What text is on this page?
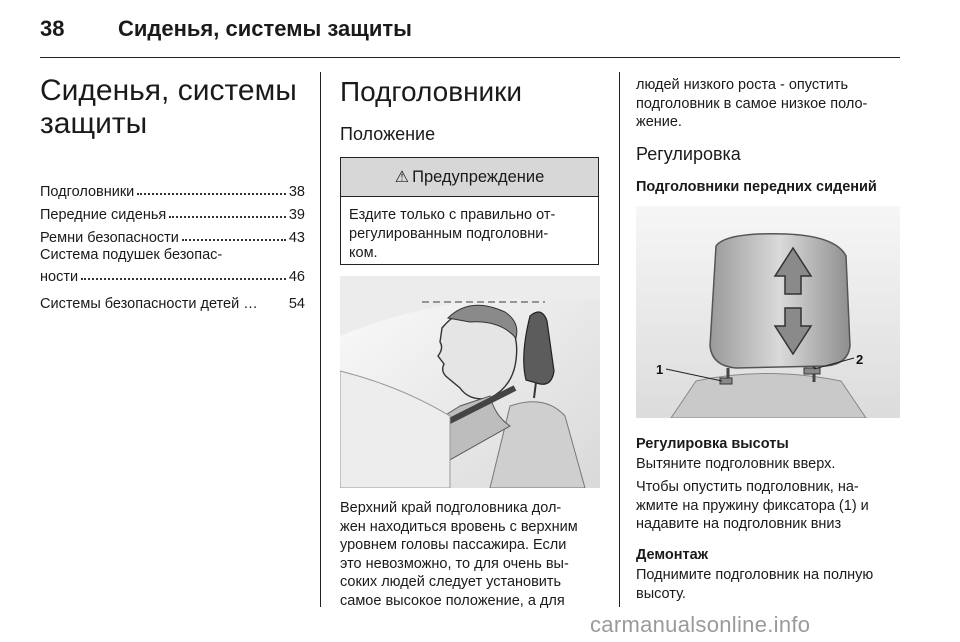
38 Сиденья, системы защиты
Сиденья, системы защиты
Подголовники	38
Передние сиденья	39
Ремни безопасности	43
Система подушек безопас-
ности	46
Системы безопасности детей … 54
Подголовники
Положение
⚠ Предупреждение
Ездите только с правильно от-
регулированным подголовни-
ком.
Верхний край подголовника дол-
жен находиться вровень с верхним
уровнем головы пассажира. Если
это невозможно, то для очень вы-
соких людей следует установить
самое высокое положение, а для
людей низкого роста - опустить
подголовник в самое низкое поло-
жение.
Регулировка
Подголовники передних сидений
1
2
Регулировка высоты
Вытяните подголовник вверх.
Чтобы опустить подголовник, на-
жмите на пружину фиксатора (1) и
надавите на подголовник вниз
Демонтаж
Поднимите подголовник на полную
высоту.
carmanualsonline.info
